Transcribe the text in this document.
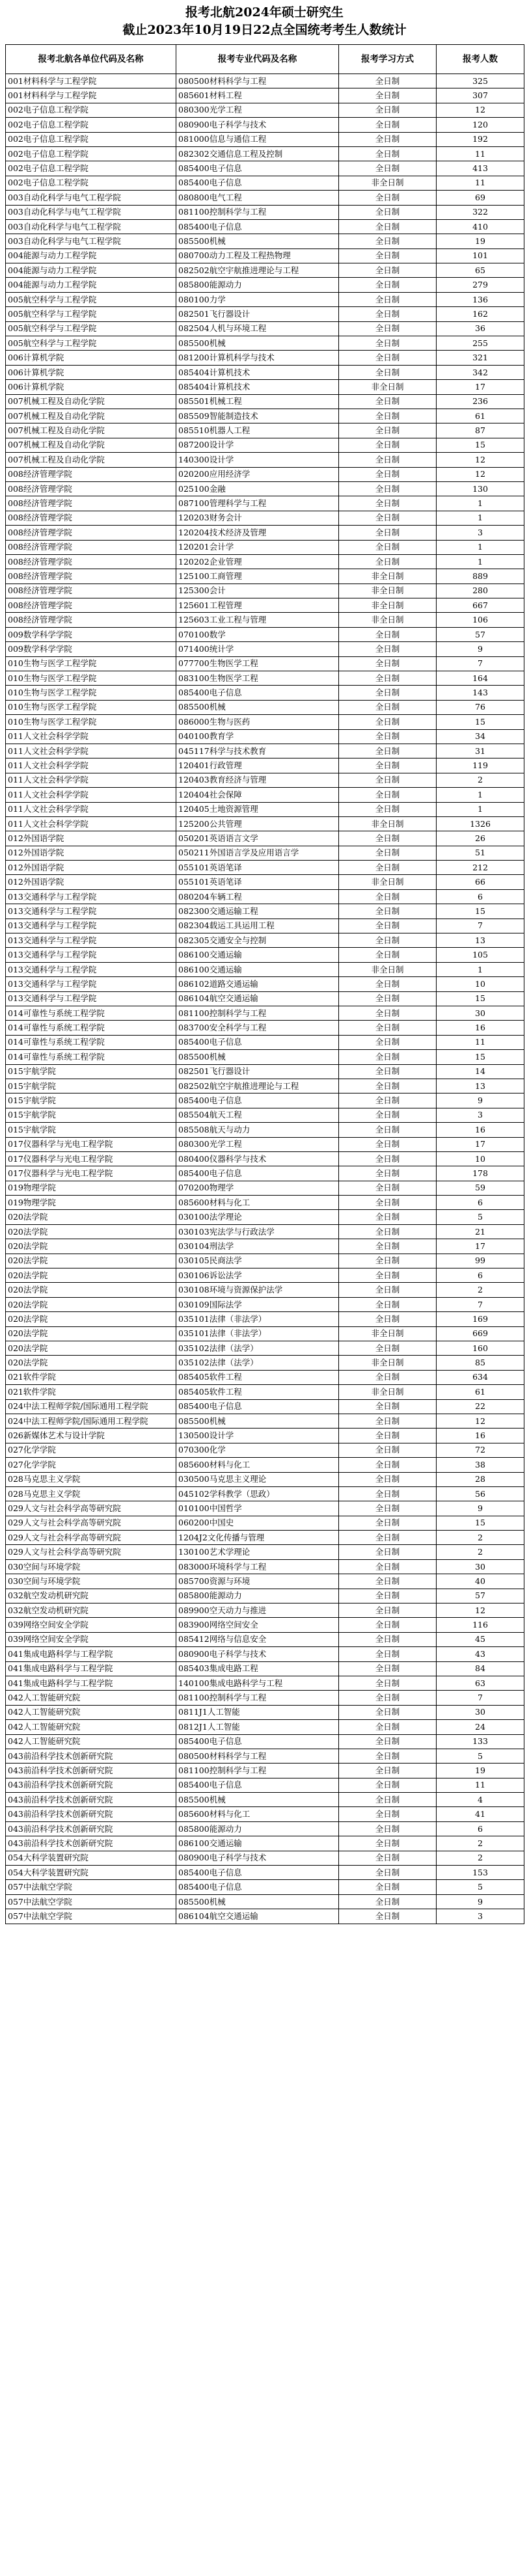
报考北航2024年硕士研究生
截止2023年10月19日22点全国统考考生人数统计
报考北航各单位代码及名称	报考专业代码及名称	报考学习方式	报考人数
001材料科学与工程学院	080500材料科学与工程	全日制	325
001材料科学与工程学院	085601材料工程	全日制	307
002电子信息工程学院	080300光学工程	全日制	12
002电子信息工程学院	080900电子科学与技术	全日制	120
002电子信息工程学院	081000信息与通信工程	全日制	192
002电子信息工程学院	082302交通信息工程及控制	全日制	11
002电子信息工程学院	085400电子信息	全日制	413
002电子信息工程学院	085400电子信息	非全日制	11
003自动化科学与电气工程学院	080800电气工程	全日制	69
003自动化科学与电气工程学院	081100控制科学与工程	全日制	322
003自动化科学与电气工程学院	085400电子信息	全日制	410
003自动化科学与电气工程学院	085500机械	全日制	19
004能源与动力工程学院	080700动力工程及工程热物理	全日制	101
004能源与动力工程学院	082502航空宇航推进理论与工程	全日制	65
004能源与动力工程学院	085800能源动力	全日制	279
005航空科学与工程学院	080100力学	全日制	136
005航空科学与工程学院	082501飞行器设计	全日制	162
005航空科学与工程学院	082504人机与环境工程	全日制	36
005航空科学与工程学院	085500机械	全日制	255
006计算机学院	081200计算机科学与技术	全日制	321
006计算机学院	085404计算机技术	全日制	342
006计算机学院	085404计算机技术	非全日制	17
007机械工程及自动化学院	085501机械工程	全日制	236
007机械工程及自动化学院	085509智能制造技术	全日制	61
007机械工程及自动化学院	085510机器人工程	全日制	87
007机械工程及自动化学院	087200设计学	全日制	15
007机械工程及自动化学院	140300设计学	全日制	12
008经济管理学院	020200应用经济学	全日制	12
008经济管理学院	025100金融	全日制	130
008经济管理学院	087100管理科学与工程	全日制	1
008经济管理学院	120203财务会计	全日制	1
008经济管理学院	120204技术经济及管理	全日制	3
008经济管理学院	120201会计学	全日制	1
008经济管理学院	120202企业管理	全日制	1
008经济管理学院	125100工商管理	非全日制	889
008经济管理学院	125300会计	非全日制	280
008经济管理学院	125601工程管理	非全日制	667
008经济管理学院	125603工业工程与管理	非全日制	106
009数学科学学院	070100数学	全日制	57
009数学科学学院	071400统计学	全日制	9
010生物与医学工程学院	077700生物医学工程	全日制	7
010生物与医学工程学院	083100生物医学工程	全日制	164
010生物与医学工程学院	085400电子信息	全日制	143
010生物与医学工程学院	085500机械	全日制	76
010生物与医学工程学院	086000生物与医药	全日制	15
011人文社会科学学院	040100教育学	全日制	34
011人文社会科学学院	045117科学与技术教育	全日制	31
011人文社会科学学院	120401行政管理	全日制	119
011人文社会科学学院	120403教育经济与管理	全日制	2
011人文社会科学学院	120404社会保障	全日制	1
011人文社会科学学院	120405土地资源管理	全日制	1
011人文社会科学学院	125200公共管理	非全日制	1326
012外国语学院	050201英语语言文学	全日制	26
012外国语学院	050211外国语言学及应用语言学	全日制	51
012外国语学院	055101英语笔译	全日制	212
012外国语学院	055101英语笔译	非全日制	66
013交通科学与工程学院	080204车辆工程	全日制	6
013交通科学与工程学院	082300交通运输工程	全日制	15
013交通科学与工程学院	082304载运工具运用工程	全日制	7
013交通科学与工程学院	082305交通安全与控制	全日制	13
013交通科学与工程学院	086100交通运输	全日制	105
013交通科学与工程学院	086100交通运输	非全日制	1
013交通科学与工程学院	086102道路交通运输	全日制	10
013交通科学与工程学院	086104航空交通运输	全日制	15
014可靠性与系统工程学院	081100控制科学与工程	全日制	30
014可靠性与系统工程学院	083700安全科学与工程	全日制	16
014可靠性与系统工程学院	085400电子信息	全日制	11
014可靠性与系统工程学院	085500机械	全日制	15
015宇航学院	082501飞行器设计	全日制	14
015宇航学院	082502航空宇航推进理论与工程	全日制	13
015宇航学院	085400电子信息	全日制	9
015宇航学院	085504航天工程	全日制	3
015宇航学院	085508航天与动力	全日制	16
017仪器科学与光电工程学院	080300光学工程	全日制	17
017仪器科学与光电工程学院	080400仪器科学与技术	全日制	10
017仪器科学与光电工程学院	085400电子信息	全日制	178
019物理学院	070200物理学	全日制	59
019物理学院	085600材料与化工	全日制	6
020法学院	030100法学理论	全日制	5
020法学院	030103宪法学与行政法学	全日制	21
020法学院	030104刑法学	全日制	17
020法学院	030105民商法学	全日制	99
020法学院	030106诉讼法学	全日制	6
020法学院	030108环境与资源保护法学	全日制	2
020法学院	030109国际法学	全日制	7
020法学院	035101法律（非法学）	全日制	169
020法学院	035101法律（非法学）	非全日制	669
020法学院	035102法律（法学）	全日制	160
020法学院	035102法律（法学）	非全日制	85
021软件学院	085405软件工程	全日制	634
021软件学院	085405软件工程	非全日制	61
024中法工程师学院/国际通用工程学院	085400电子信息	全日制	22
024中法工程师学院/国际通用工程学院	085500机械	全日制	12
026新媒体艺术与设计学院	130500设计学	全日制	16
027化学学院	070300化学	全日制	72
027化学学院	085600材料与化工	全日制	38
028马克思主义学院	030500马克思主义理论	全日制	28
028马克思主义学院	045102学科教学（思政）	全日制	56
029人文与社会科学高等研究院	010100中国哲学	全日制	9
029人文与社会科学高等研究院	060200中国史	全日制	15
029人文与社会科学高等研究院	1204J2文化传播与管理	全日制	2
029人文与社会科学高等研究院	130100艺术学理论	全日制	2
030空间与环境学院	083000环境科学与工程	全日制	30
030空间与环境学院	085700资源与环境	全日制	40
032航空发动机研究院	085800能源动力	全日制	57
032航空发动机研究院	089900空天动力与推进	全日制	12
039网络空间安全学院	083900网络空间安全	全日制	116
039网络空间安全学院	085412网络与信息安全	全日制	45
041集成电路科学与工程学院	080900电子科学与技术	全日制	43
041集成电路科学与工程学院	085403集成电路工程	全日制	84
041集成电路科学与工程学院	140100集成电路科学与工程	全日制	63
042人工智能研究院	081100控制科学与工程	全日制	7
042人工智能研究院	0811J1人工智能	全日制	30
042人工智能研究院	0812J1人工智能	全日制	24
042人工智能研究院	085400电子信息	全日制	133
043前沿科学技术创新研究院	080500材料科学与工程	全日制	5
043前沿科学技术创新研究院	081100控制科学与工程	全日制	19
043前沿科学技术创新研究院	085400电子信息	全日制	11
043前沿科学技术创新研究院	085500机械	全日制	4
043前沿科学技术创新研究院	085600材料与化工	全日制	41
043前沿科学技术创新研究院	085800能源动力	全日制	6
043前沿科学技术创新研究院	086100交通运输	全日制	2
054大科学装置研究院	080900电子科学与技术	全日制	2
054大科学装置研究院	085400电子信息	全日制	153
057中法航空学院	085400电子信息	全日制	5
057中法航空学院	085500机械	全日制	9
057中法航空学院	086104航空交通运输	全日制	3
